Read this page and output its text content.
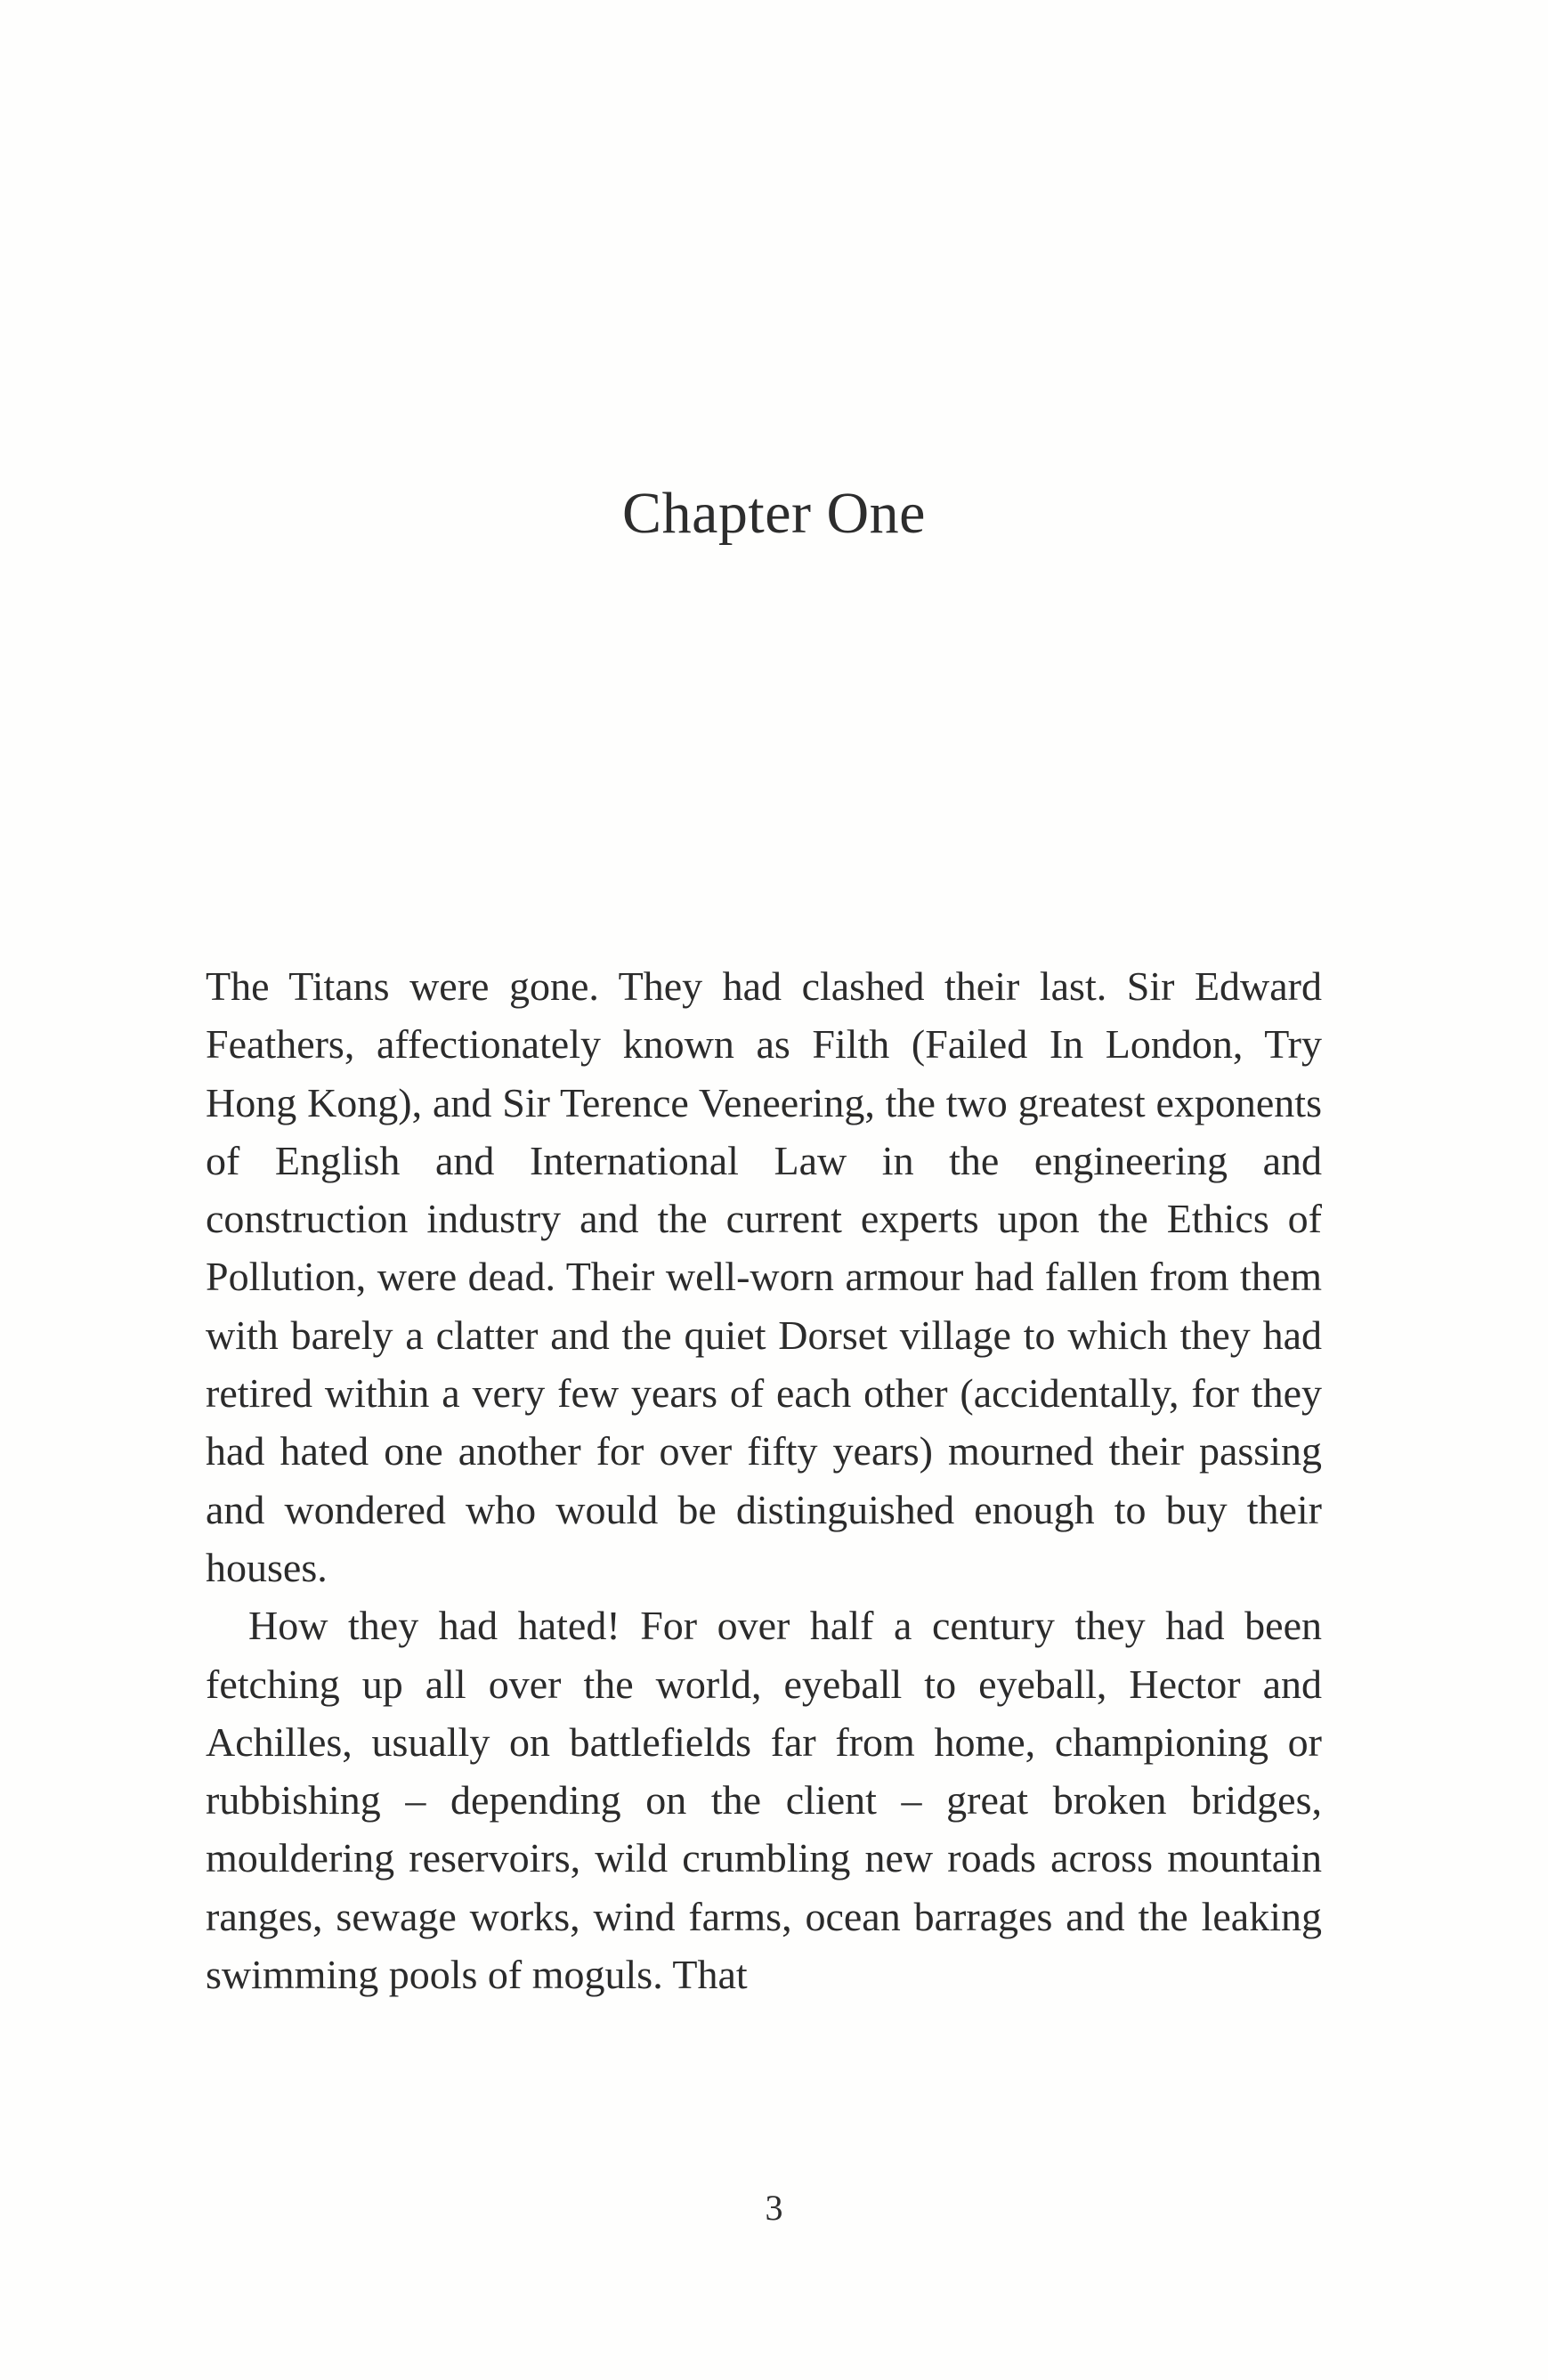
Chapter One

The Titans were gone. They had clashed their last. Sir Edward Feathers, affectionately known as Filth (Failed In London, Try Hong Kong), and Sir Terence Veneering, the two greatest exponents of English and International Law in the engineering and construction industry and the current experts upon the Ethics of Pollution, were dead. Their well-worn armour had fallen from them with barely a clatter and the quiet Dorset village to which they had retired within a very few years of each other (accidentally, for they had hated one another for over fifty years) mourned their passing and wondered who would be distinguished enough to buy their houses.

How they had hated! For over half a century they had been fetching up all over the world, eyeball to eyeball, Hector and Achilles, usually on battlefields far from home, championing or rubbishing – depending on the client – great broken bridges, mouldering reservoirs, wild crumbling new roads across mountain ranges, sewage works, wind farms, ocean barrages and the leaking swimming pools of moguls. That

3
